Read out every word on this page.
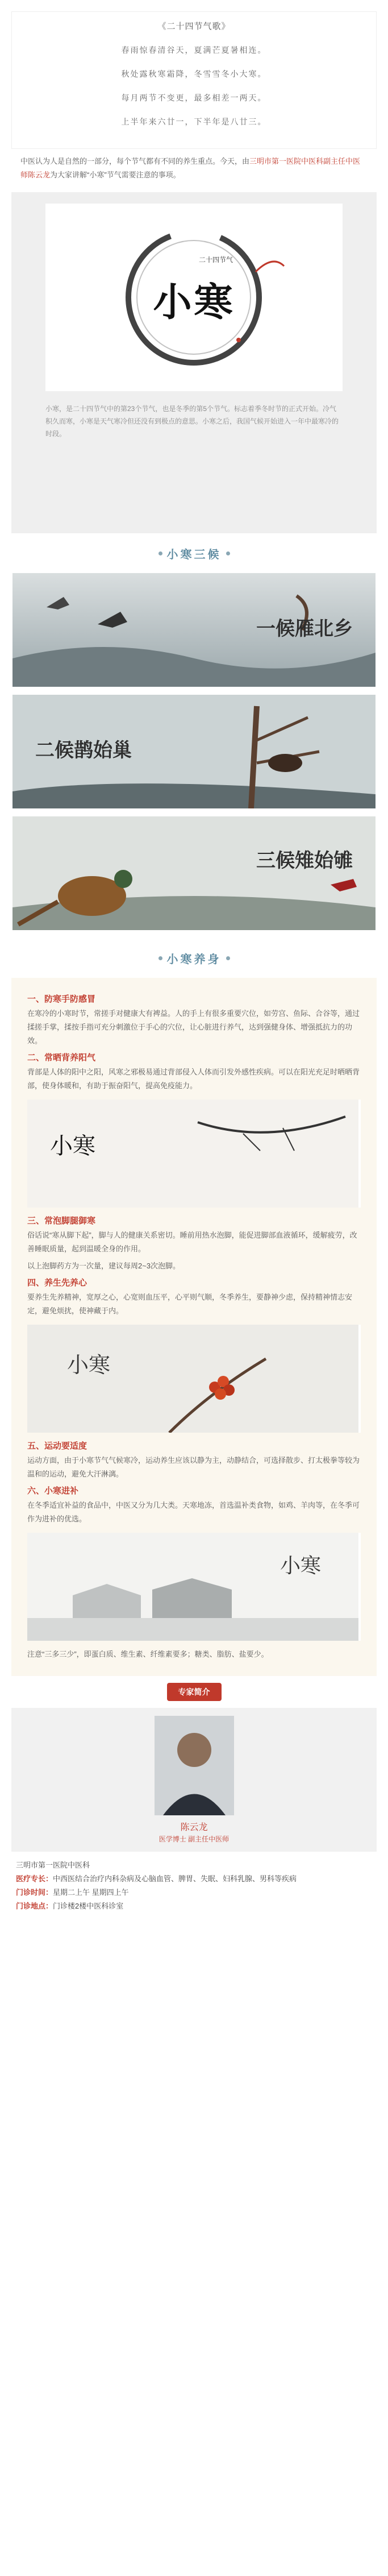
《二十四节气歌》
春雨惊春清谷天，夏满芒夏暑相连。
秋处露秋寒霜降，冬雪雪冬小大寒。
每月两节不变更，最多相差一两天。
上半年来六廿一，下半年是八廿三。
中医认为人是自然的一部分，每个节气都有不同的养生重点。今天，由三明市第一医院中医科副主任中医师陈云龙为大家讲解“小寒”节气需要注意的事项。
小寒
二十四节气
小寒，是二十四节气中的第23个节气，也是冬季的第5个节气。标志着季冬时节的正式开始。冷气积久而寒，小寒是天气寒冷但还没有到极点的意思。小寒之后，我国气候开始进入一年中最寒冷的时段。
小寒三候
一候雁北乡
二候鹊始巢
三候雉始雊
小寒养身
一、防寒手防感冒

在寒冷的小寒时节，常搓手对健康大有裨益。人的手上有很多重要穴位，如劳宫、鱼际、合谷等，通过揉搓手掌，揉按手指可充分刺激位于手心的穴位，让心脏进行养气，达到强健身体、增强抵抗力的功效。

二、常晒背养阳气

背部是人体的阳中之阳，风寒之邪极易通过背部侵入人体而引发外感性疾病。可以在阳光充足时晒晒背部，使身体暖和，有助于振奋阳气，提高免疫能力。

小寒
三、常泡脚腿御寒

俗话说“寒从脚下起”，脚与人的健康关系密切。睡前用热水泡脚，能促进脚部血液循环，缓解疲劳，改善睡眠质量，起到温暖全身的作用。

以上泡脚药方为一次量，建议每周2~3次泡脚。

四、养生先养心

要养生先养精神，宽厚之心，心宽则血压平，心平则气顺，冬季养生，要静神少虑，保持精神情志安定，避免烦扰，使神藏于内。

小寒
五、运动要适度

运动方面，由于小寒节气气候寒冷，运动养生应该以静为主，动静结合，可选择散步、打太极拳等较为温和的运动，避免大汗淋漓。

六、小寒进补

在冬季适宜补益的食品中，中医又分为几大类。天寒地冻，首选温补类食物，如鸡、羊肉等，在冬季可作为进补的优选。

小寒

注意“三多三少”，即蛋白质、维生素、纤维素要多；糖类、脂肪、盐要少。

专家简介
陈云龙
医学博士 副主任中医师
三明市第一医院中医科
医疗专长：中西医结合治疗内科杂病及心脑血管、脾胃、失眠、妇科乳腺、男科等疾病
门诊时间：星期二上午 星期四上午
门诊地点：门诊楼2楼中医科诊室
